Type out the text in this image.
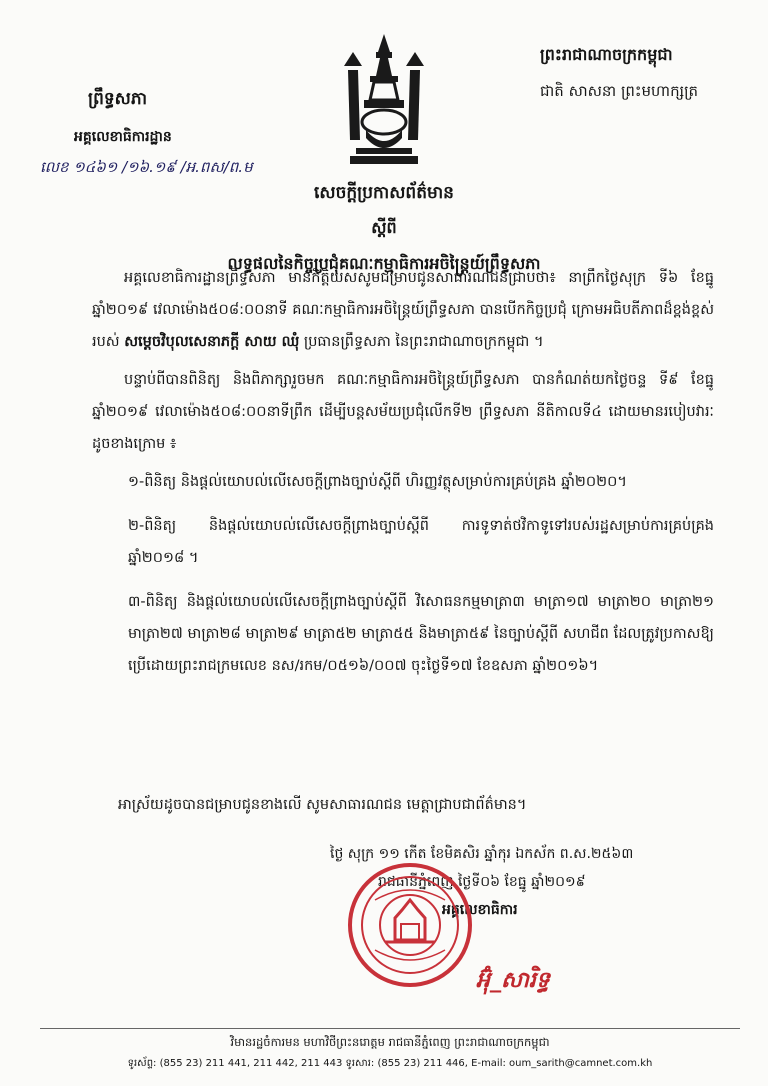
ព្រឹទ្ធសភា
អគ្គលេខាធិការដ្ឋាន
លេខ ១៤៦១ /១៦.១៩ /អ.ពស/ព.ម
ព្រះរាជាណាចក្រកម្ពុជា
ជាតិ សាសនា ព្រះមហាក្សត្រ
សេចក្តីប្រកាសព័ត៌មាន
ស្តីពី
លទ្ធផលនៃកិច្ចប្រជុំគណៈកម្មាធិការអចិន្ត្រៃយ៍ព្រឹទ្ធសភា

អគ្គលេខាធិការដ្ឋានព្រឹទ្ធសភា មានកិត្តិយសសូមជម្រាបជូនសាធារណជនជ្រាបថា៖ នាព្រឹកថ្ងៃសុក្រ ទី៦ ខែធ្នូ ឆ្នាំ២០១៩ វេលាម៉ោង៥០៨:០០នាទី គណៈកម្មាធិការអចិន្ត្រៃយ៍ព្រឹទ្ធសភា បានបើកកិច្ចប្រជុំ ក្រោមអធិបតីភាពដ៏ខ្ពង់ខ្ពស់របស់ សម្តេចវិបុលសេនាភក្តី សាយ ឈុំ ប្រធានព្រឹទ្ធសភា នៃព្រះរាជាណាចក្រកម្ពុជា ។

បន្ទាប់ពីបានពិនិត្យ និងពិភាក្សារួចមក គណៈកម្មាធិការអចិន្ត្រៃយ៍ព្រឹទ្ធសភា បានកំណត់យកថ្ងៃចន្ទ ទី៩ ខែធ្នូ ឆ្នាំ២០១៩ វេលាម៉ោង៥០៨:០០នាទីព្រឹក ដើម្បីបន្តសម័យប្រជុំលើកទី២ ព្រឹទ្ធសភា នីតិកាលទី៤ ដោយមានរបៀបវារៈដូចខាងក្រោម ៖

១-ពិនិត្យ និងផ្តល់យោបល់លើសេចក្តីព្រាងច្បាប់ស្តីពី ហិរញ្ញវត្ថុសម្រាប់ការគ្រប់គ្រង ឆ្នាំ២០២០។
២-ពិនិត្យ និងផ្តល់យោបល់លើសេចក្តីព្រាងច្បាប់ស្តីពី ការទូទាត់ថវិកាទូទៅរបស់រដ្ឋសម្រាប់ការគ្រប់គ្រងឆ្នាំ២០១៨ ។
៣-ពិនិត្យ និងផ្តល់យោបល់លើសេចក្តីព្រាងច្បាប់ស្តីពី វិសោធនកម្មមាត្រា៣ មាត្រា១៧ មាត្រា២០ មាត្រា២១ មាត្រា២៧ មាត្រា២៨ មាត្រា២៩ មាត្រា៥២ មាត្រា៥៥ និងមាត្រា៥៩ នៃច្បាប់ស្តីពី សហជីព ដែលត្រូវប្រកាសឱ្យប្រើដោយព្រះរាជក្រមលេខ នស/រកម/០៥១៦/០០៧ ចុះថ្ងៃទី១៧ ខែឧសភា ឆ្នាំ២០១៦។
អាស្រ័យដូចបានជម្រាបជូនខាងលើ សូមសាធារណជន មេត្តាជ្រាបជាព័ត៌មាន។
ថ្ងៃ សុក្រ ១១ កើត ខែមិគសិរ ឆ្នាំកុរ ឯកស័ក ព.ស.២៥៦៣
រាជធានីភ្នំពេញ ថ្ងៃទី០៦ ខែធ្នូ ឆ្នាំ២០១៩
អគ្គលេខាធិការ
អ៊ុំ_សារិទ្ធ
វិមានរដ្ឋចំការមន មហាវិថីព្រះនរោត្តម រាជធានីភ្នំពេញ ព្រះរាជាណាចក្រកម្ពុជា
ទូរស័ព្ទ: (855 23) 211 441, 211 442, 211 443 ទូរសារ: (855 23) 211 446, E-mail: oum_sarith@camnet.com.kh
